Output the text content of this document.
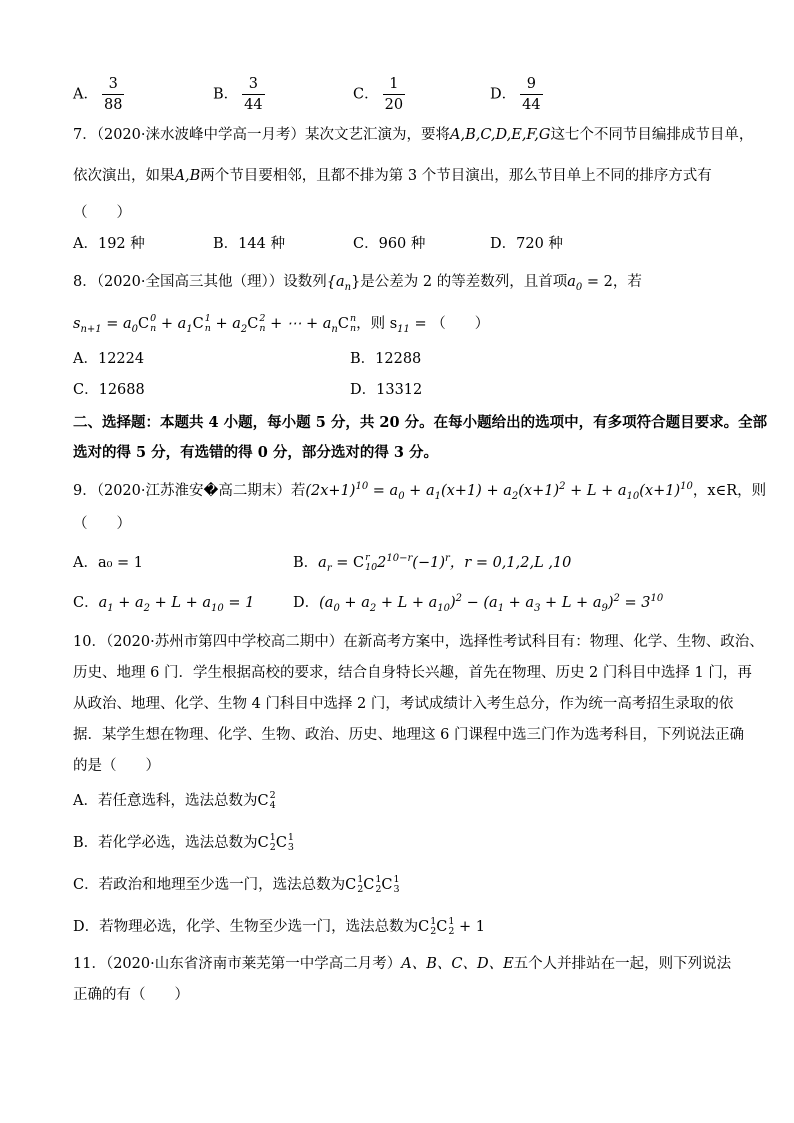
A． $\frac{3}{88}$	B． $\frac{3}{44}$	C． $\frac{1}{20}$	D． $\frac{9}{44}$
7．（2020·涞水波峰中学高一月考）某次文艺汇演为，要将A,B,C,D,E,F,G这七个不同节目编排成节目单，
依次演出，如果A,B两个节目要相邻，且都不排为第 3 个节目演出，那么节目单上不同的排序方式有
（　　）
A．192 种	B．144 种	C．960 种	D．720 种
8．（2020·全国高三其他（理））设数列$\{a_n\}$是公差为 2 的等差数列，且首项$a_0 = 2$，若
$s_{n+1} = a_0C$ 0
$n + a_1C$ 1
$n + a_2C$ 2
n + ⋯ + $a_nC$ n
n ，则 $s_{11}$ = （　　）
A．12224	B．12288
C．12688	D．13312
二、选择题：本题共 4 小题，每小题 5 分，共 20 分。在每小题给出的选项中，有多项符合题目要求。全部
选对的得 5 分，有选错的得 0 分，部分选对的得 3 分。
9．（2020·江苏淮安�高二期末）若$(2x+1)^{10} = a_0 + a_1(x+1) + a_2(x+1)^2 + L + a_{10}(x+1)^{10}$，x∈R，则
（　　）
A．a₀ = 1	B．$a_r = C$ r
10 $2^{10-r}(-1)^r$，r = 0,1,2,L ,10
C．$a_1 + a_2 + L + a_{10} = 1$	D．$(a_0 + a_2 + L + a_{10})^2 - (a_1 + a_3 + L + a_9)^2 = 3^{10}$
10．（2020·苏州市第四中学校高二期中）在新高考方案中，选择性考试科目有：物理、化学、生物、政治、
历史、地理 6 门．学生根据高校的要求，结合自身特长兴趣，首先在物理、历史 2 门科目中选择 1 门，再
从政治、地理、化学、生物 4 门科目中选择 2 门，考试成绩计入考生总分，作为统一高考招生录取的依
据．某学生想在物理、化学、生物、政治、历史、地理这 6 门课程中选三门作为选考科目，下列说法正确
的是（　　）
A．若任意选科，选法总数为C 2
4
B．若化学必选，选法总数为C 1
2 C 1
3
C．若政治和地理至少选一门，选法总数为C 1
2 C 1
2 C 1
3
D．若物理必选，化学、生物至少选一门，选法总数为C 1
2 C 1
2 + 1
11．（2020·山东省济南市莱芜第一中学高二月考）A、B、C、D、E五个人并排站在一起，则下列说法
正确的有（　　）
